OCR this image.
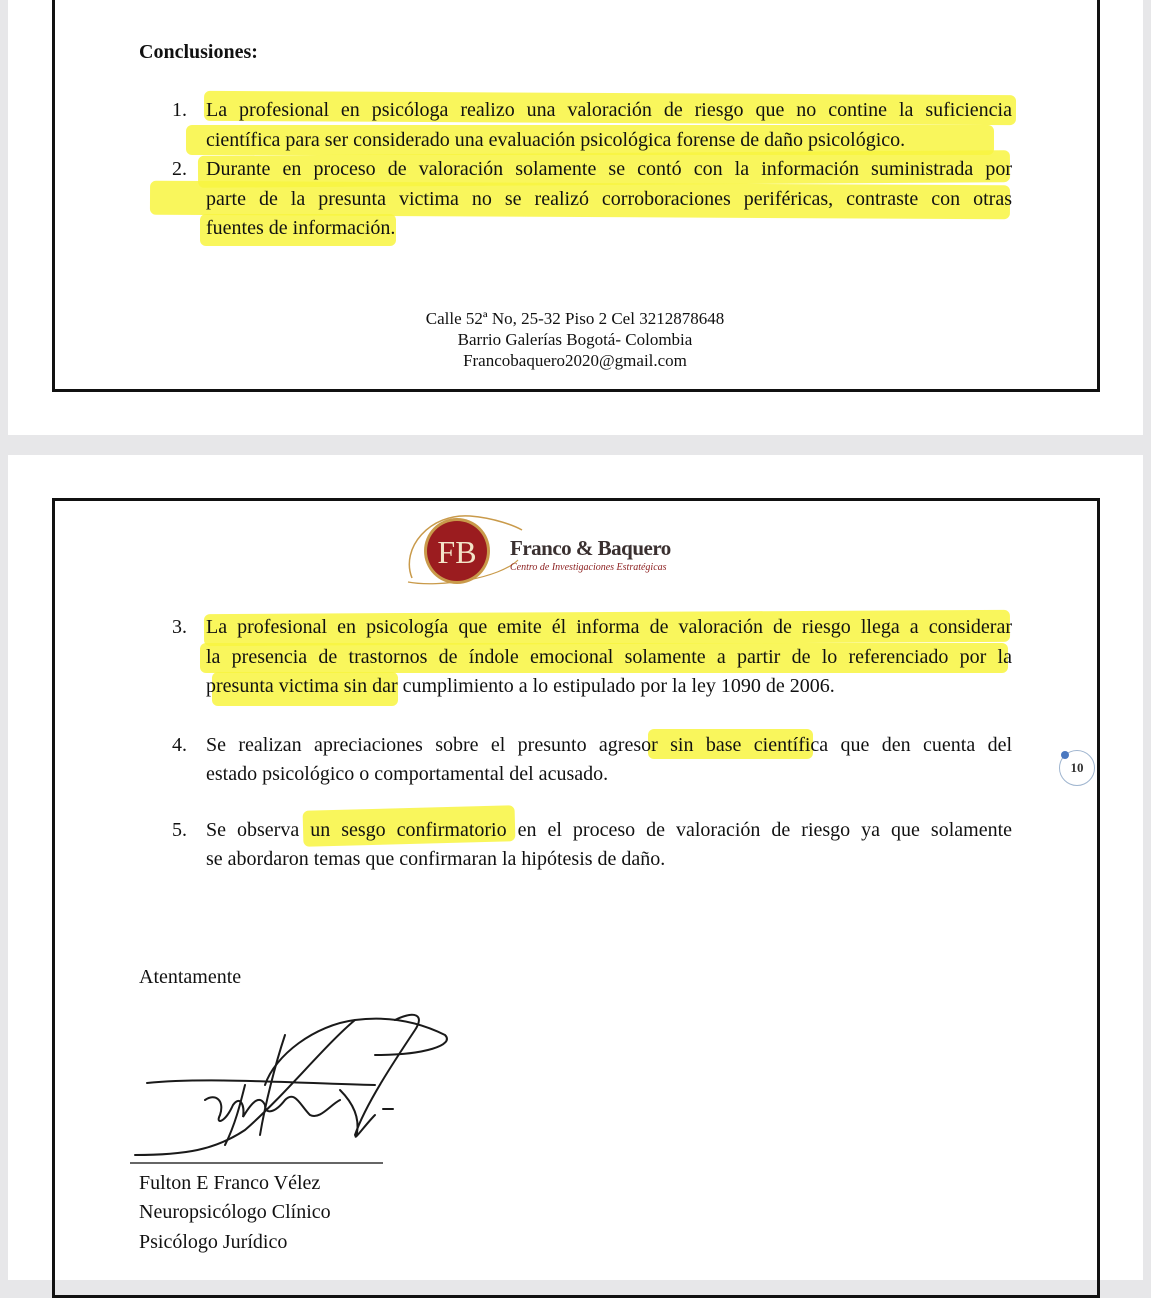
Conclusiones:
1. La profesional en psicóloga realizo una valoración de riesgo que no contine la suficiencia
científica para ser considerado una evaluación psicológica forense de daño psicológico.
2. Durante en proceso de valoración solamente se contó con la información suministrada por
parte de la presunta victima no se realizó corroboraciones periféricas, contraste con otras
fuentes de información.
Calle 52ª No, 25-32 Piso 2 Cel 3212878648
Barrio Galerías Bogotá- Colombia
Francobaquero2020@gmail.com
FB Franco & Baquero
Centro de Investigaciones Estratégicas
3. La profesional en psicología que emite él informa de valoración de riesgo llega a considerar
la presencia de trastornos de índole emocional solamente a partir de lo referenciado por la
presunta victima sin dar cumplimiento a lo estipulado por la ley 1090 de 2006.
4. Se realizan apreciaciones sobre el presunto agresor sin base científica que den cuenta del
estado psicológico o comportamental del acusado.
5. Se observa un sesgo confirmatorio en el proceso de valoración de riesgo ya que solamente
se abordaron temas que confirmaran la hipótesis de daño.
Atentamente
Fulton E Franco Vélez
Neuropsicólogo Clínico
Psicólogo Jurídico
10
